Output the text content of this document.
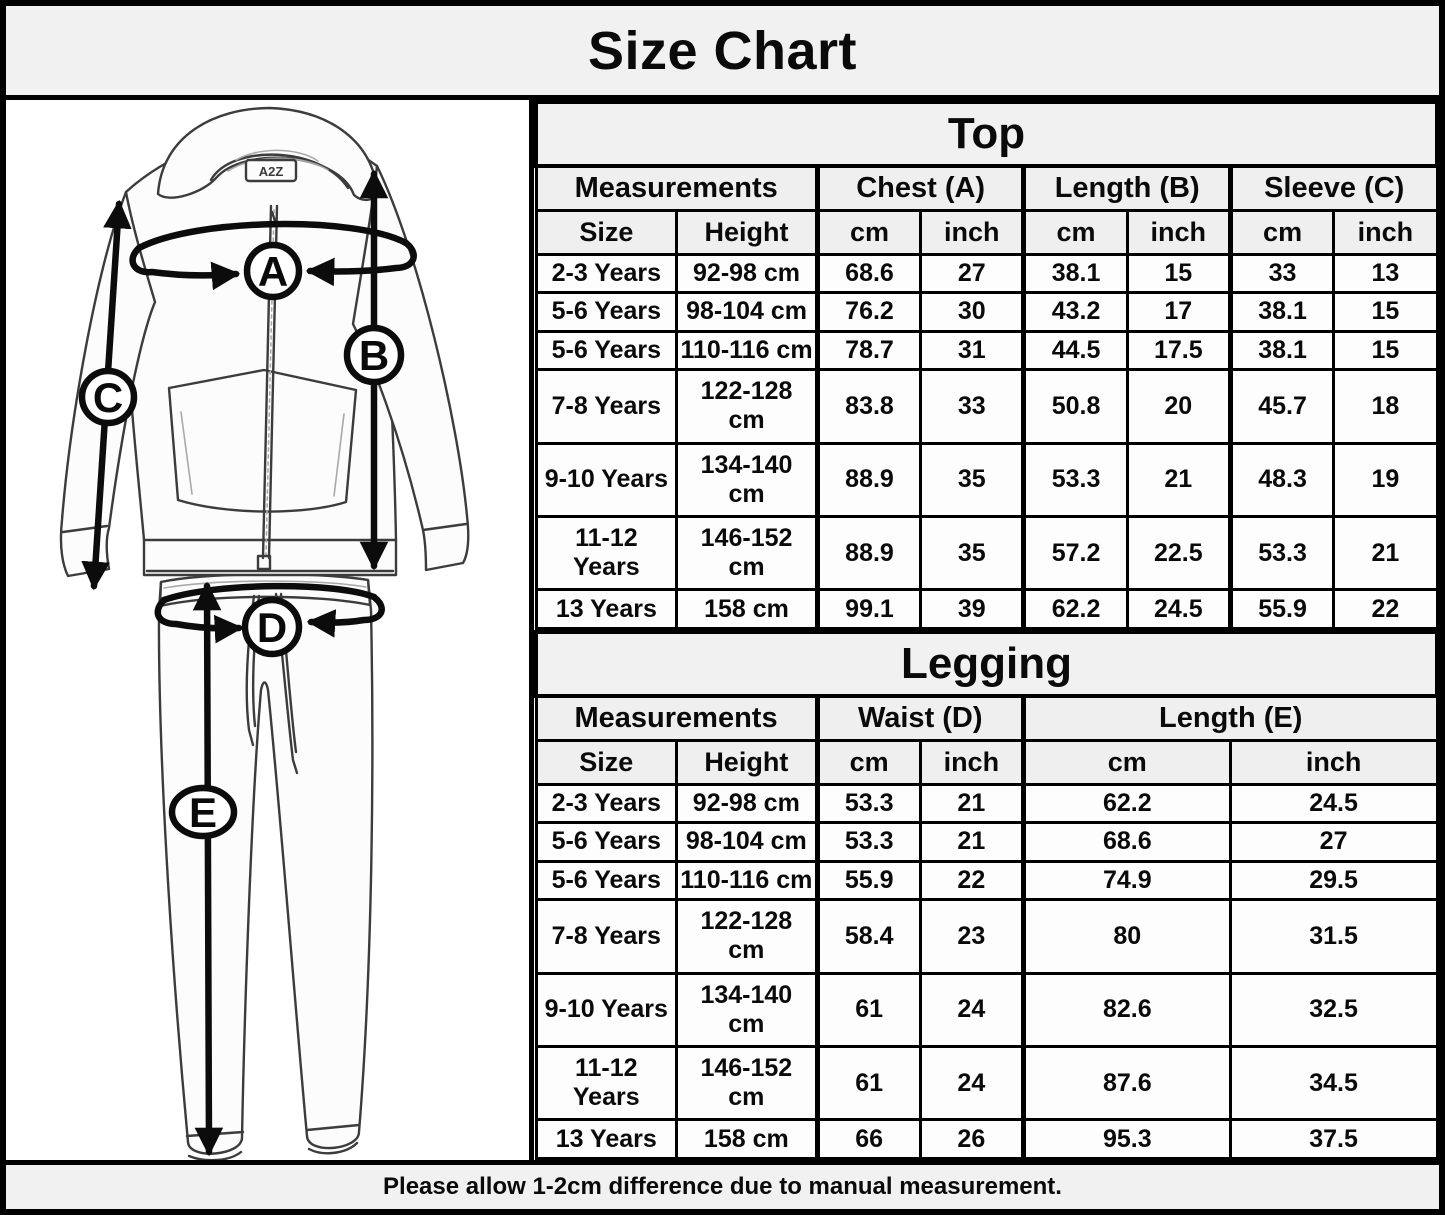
Size Chart
A2Z
A
B
C
D
E
Top							
Measurements		Chest (A)		Length (B)		Sleeve (C)	
Size	Height	cm	inch	cm	inch	cm	inch
2-3 Years	92-98 cm	68.6	27	38.1	15	33	13
5-6 Years	98-104 cm	76.2	30	43.2	17	38.1	15
5-6 Years	110-116 cm	78.7	31	44.5	17.5	38.1	15
7-8 Years	122-128 cm	83.8	33	50.8	20	45.7	18
9-10 Years	134-140 cm	88.9	35	53.3	21	48.3	19
11-12 Years	146-152 cm	88.9	35	57.2	22.5	53.3	21
13 Years	158 cm	99.1	39	62.2	24.5	55.9	22
Legging					
Measurements		Waist (D)		Length (E)	
Size	Height	cm	inch	cm	inch
2-3 Years	92-98 cm	53.3	21	62.2	24.5
5-6 Years	98-104 cm	53.3	21	68.6	27
5-6 Years	110-116 cm	55.9	22	74.9	29.5
7-8 Years	122-128 cm	58.4	23	80	31.5
9-10 Years	134-140 cm	61	24	82.6	32.5
11-12 Years	146-152 cm	61	24	87.6	34.5
13 Years	158 cm	66	26	95.3	37.5

Please allow 1-2cm difference due to manual measurement.
